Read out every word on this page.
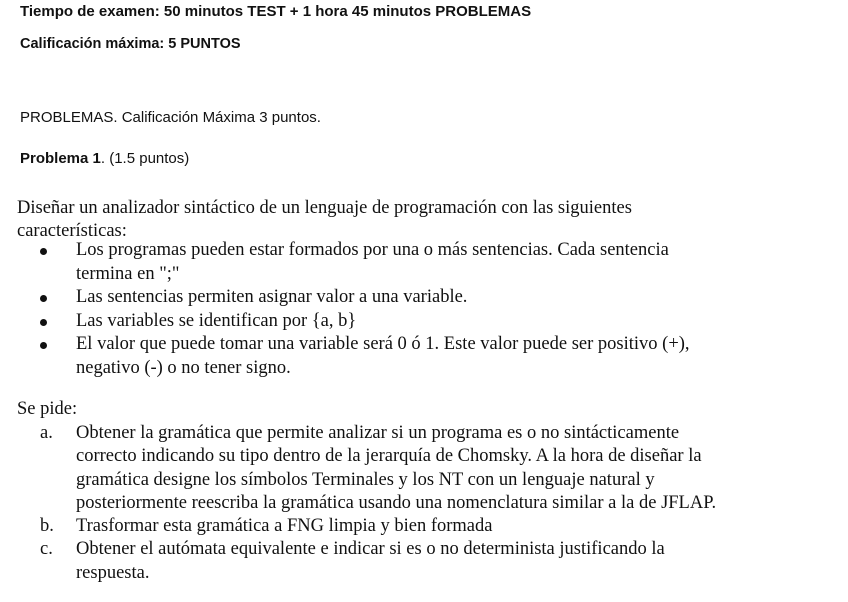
Tiempo de examen: 50 minutos TEST + 1 hora 45 minutos PROBLEMAS

Calificación máxima: 5 PUNTOS

PROBLEMAS. Calificación Máxima 3 puntos.

Problema 1. (1.5 puntos)

Diseñar un analizador sintáctico de un lenguaje de programación con las siguientes
características:
Los programas pueden estar formados por una o más sentencias. Cada sentencia
termina en ";"
Las sentencias permiten asignar valor a una variable.
Las variables se identifican por {a, b}
El valor que puede tomar una variable será 0 ó 1. Este valor puede ser positivo (+),
negativo (-) o no tener signo.

Se pide:

a. Obtener la gramática que permite analizar si un programa es o no sintácticamente
correcto indicando su tipo dentro de la jerarquía de Chomsky. A la hora de diseñar la
gramática designe los símbolos Terminales y los NT con un lenguaje natural y
posteriormente reescriba la gramática usando una nomenclatura similar a la de JFLAP.
b. Trasformar esta gramática a FNG limpia y bien formada
c. Obtener el autómata equivalente e indicar si es o no determinista justificando la
respuesta.
